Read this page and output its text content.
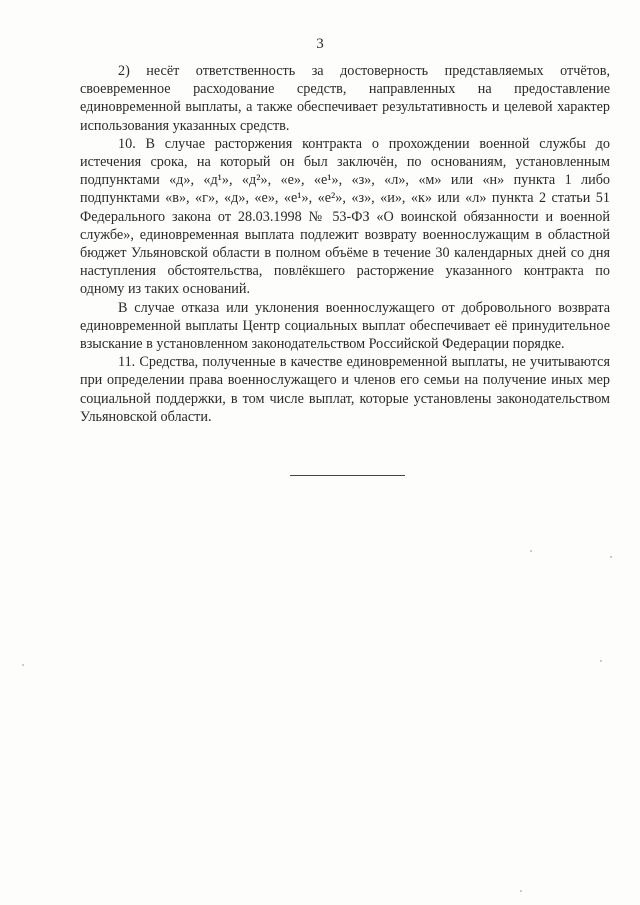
3

2) несёт ответственность за достоверность представляемых отчётов, своевременное расходование средств, направленных на предоставление единовременной выплаты, а также обеспечивает результативность и целевой характер использования указанных средств.

10. В случае расторжения контракта о прохождении военной службы до истечения срока, на который он был заключён, по основаниям, установленным подпунктами «д», «д¹», «д²», «е», «е¹», «з», «л», «м» или «н» пункта 1 либо подпунктами «в», «г», «д», «е», «е¹», «е²», «з», «и», «к» или «л» пункта 2 статьи 51 Федерального закона от 28.03.1998 № 53-ФЗ «О воинской обязанности и военной службе», единовременная выплата подлежит возврату военнослужащим в областной бюджет Ульяновской области в полном объёме в течение 30 календарных дней со дня наступления обстоятельства, повлёкшего расторжение указанного контракта по одному из таких оснований.

В случае отказа или уклонения военнослужащего от добровольного возврата единовременной выплаты Центр социальных выплат обеспечивает её принудительное взыскание в установленном законодательством Российской Федерации порядке.

11. Средства, полученные в качестве единовременной выплаты, не учитываются при определении права военнослужащего и членов его семьи на получение иных мер социальной поддержки, в том числе выплат, которые установлены законодательством Ульяновской области.
